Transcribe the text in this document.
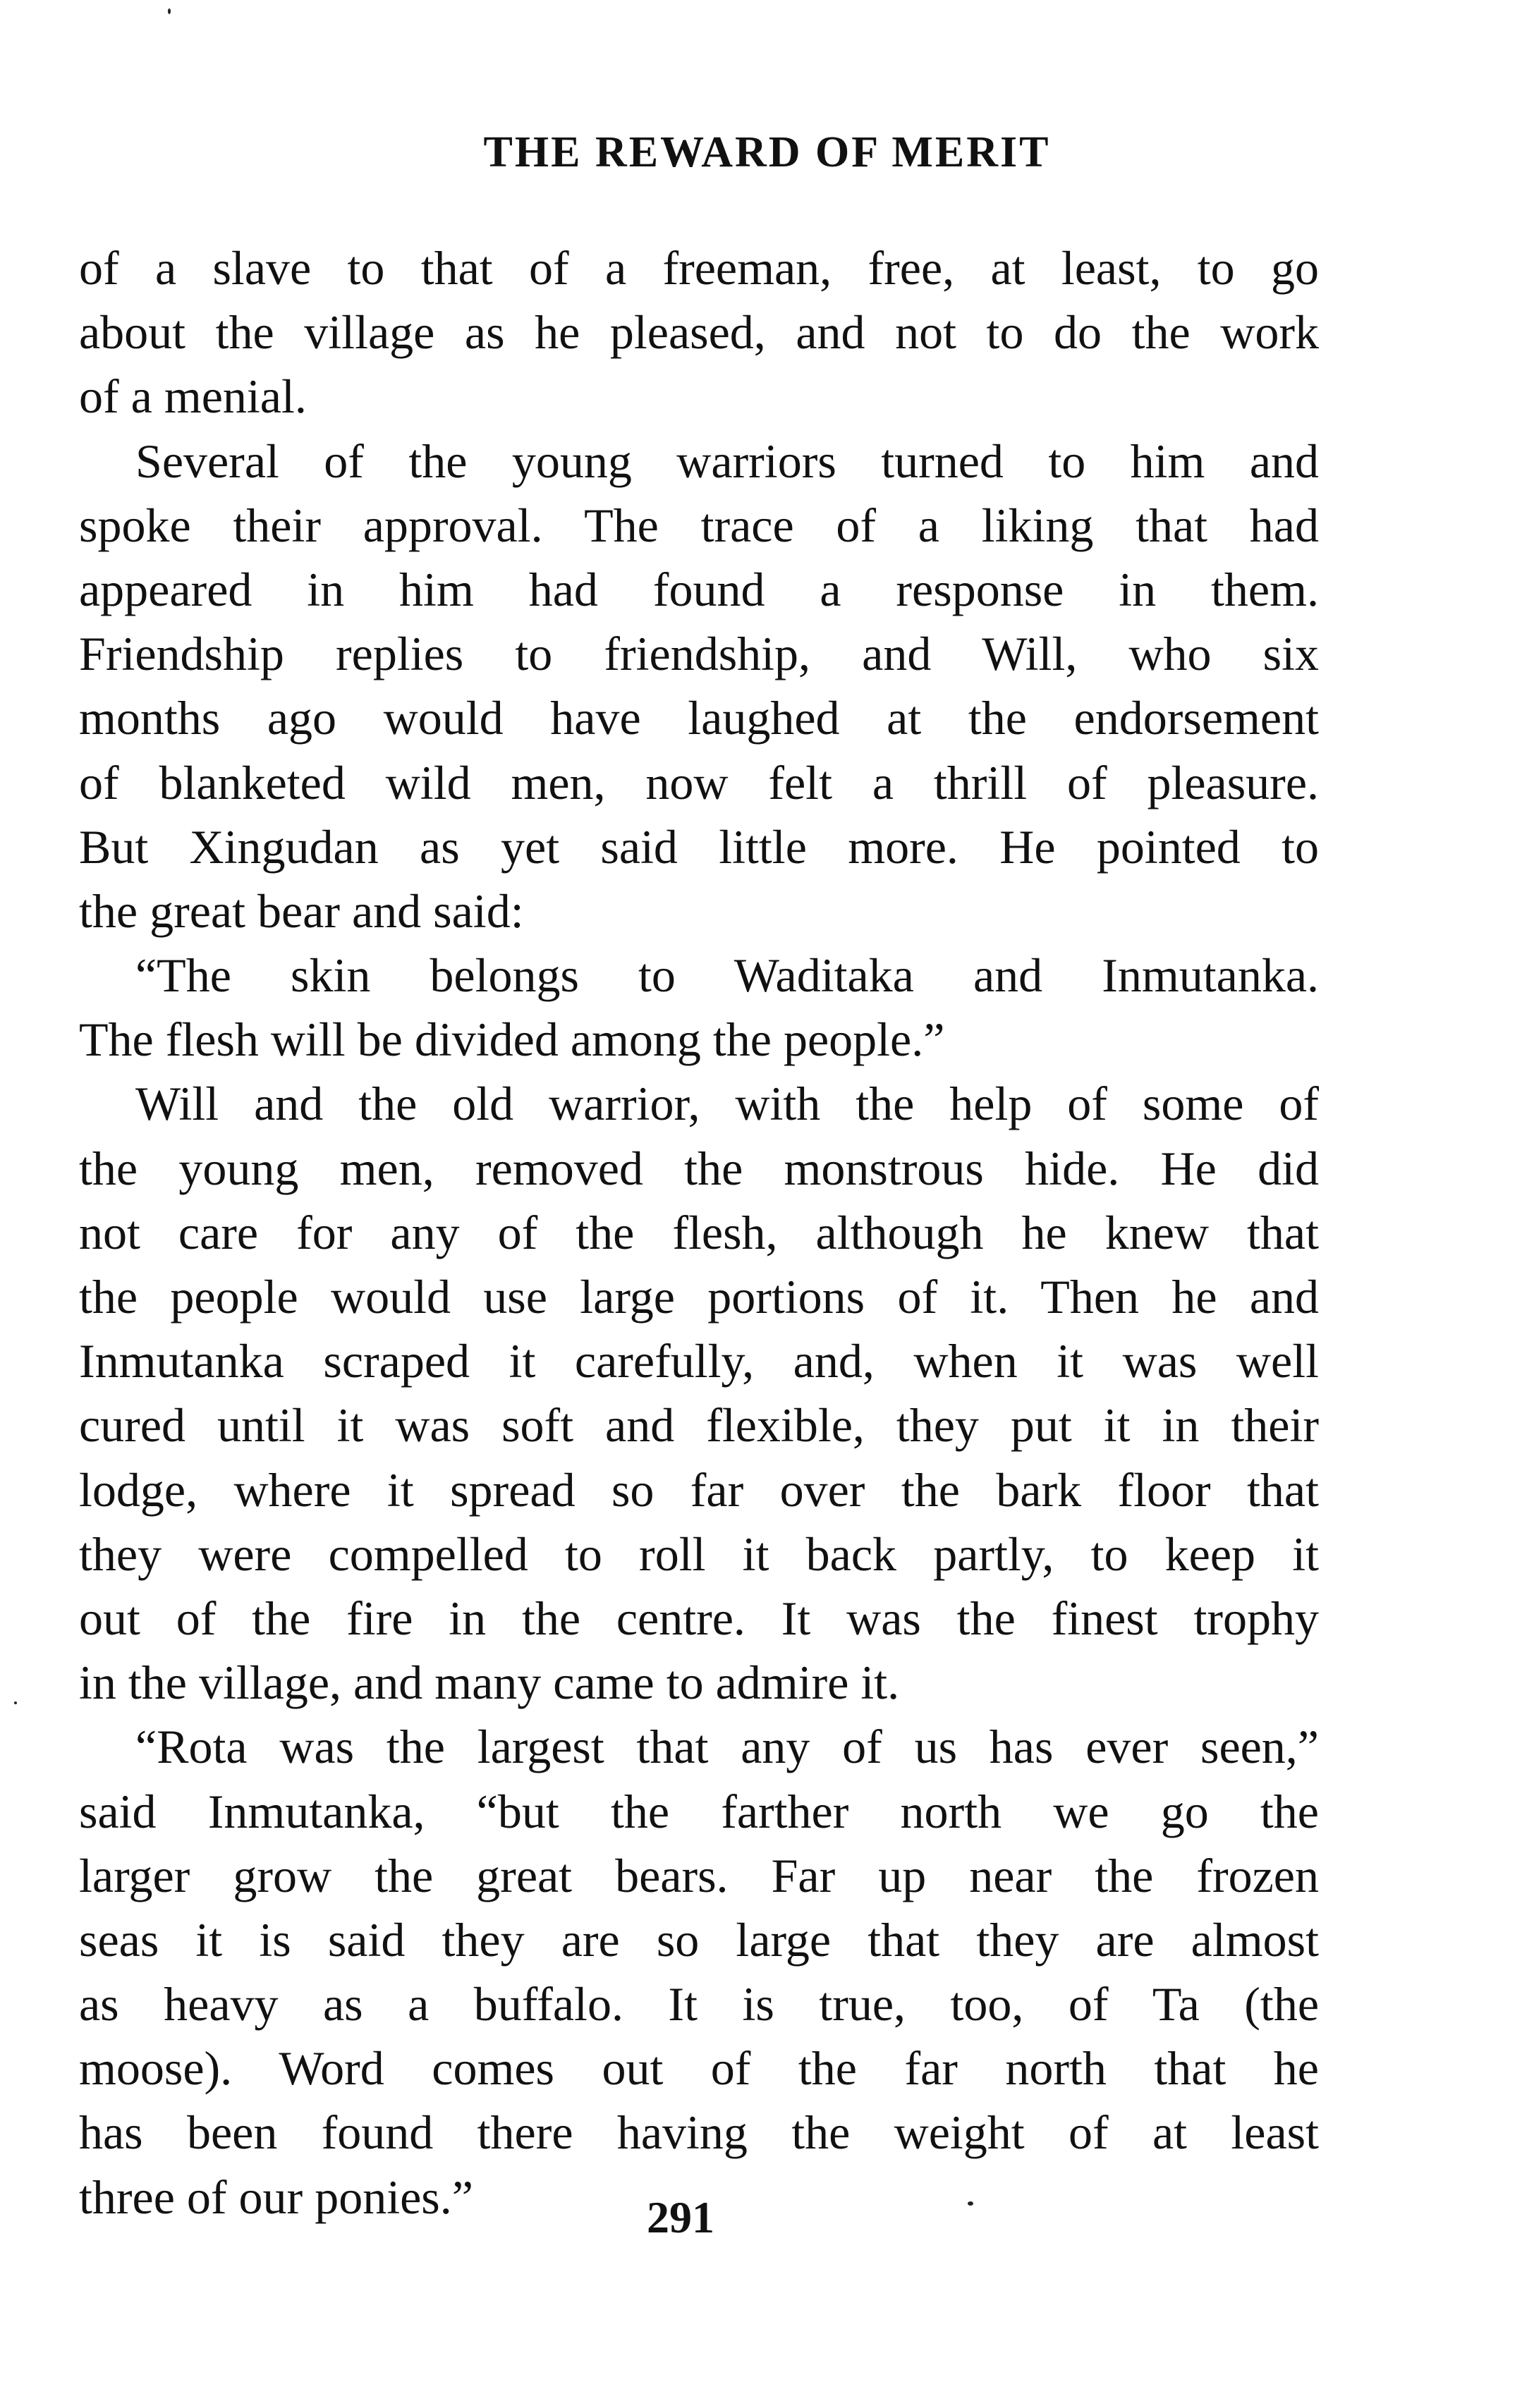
THE REWARD OF MERIT
of a slave to that of a freeman, free, at least, to go
about the village as he pleased, and not to do the work
of a menial.
Several of the young warriors turned to him and
spoke their approval. The trace of a liking that had
appeared in him had found a response in them.
Friendship replies to friendship, and Will, who six
months ago would have laughed at the endorsement
of blanketed wild men, now felt a thrill of pleasure.
But Xingudan as yet said little more. He pointed to
the great bear and said:
“The skin belongs to Waditaka and Inmutanka.
The flesh will be divided among the people.”
Will and the old warrior, with the help of some of
the young men, removed the monstrous hide. He did
not care for any of the flesh, although he knew that
the people would use large portions of it. Then he and
Inmutanka scraped it carefully, and, when it was well
cured until it was soft and flexible, they put it in their
lodge, where it spread so far over the bark floor that
they were compelled to roll it back partly, to keep it
out of the fire in the centre. It was the finest trophy
in the village, and many came to admire it.
“Rota was the largest that any of us has ever seen,”
said Inmutanka, “but the farther north we go the
larger grow the great bears. Far up near the frozen
seas it is said they are so large that they are almost
as heavy as a buffalo. It is true, too, of Ta (the
moose). Word comes out of the far north that he
has been found there having the weight of at least
three of our ponies.”	291
